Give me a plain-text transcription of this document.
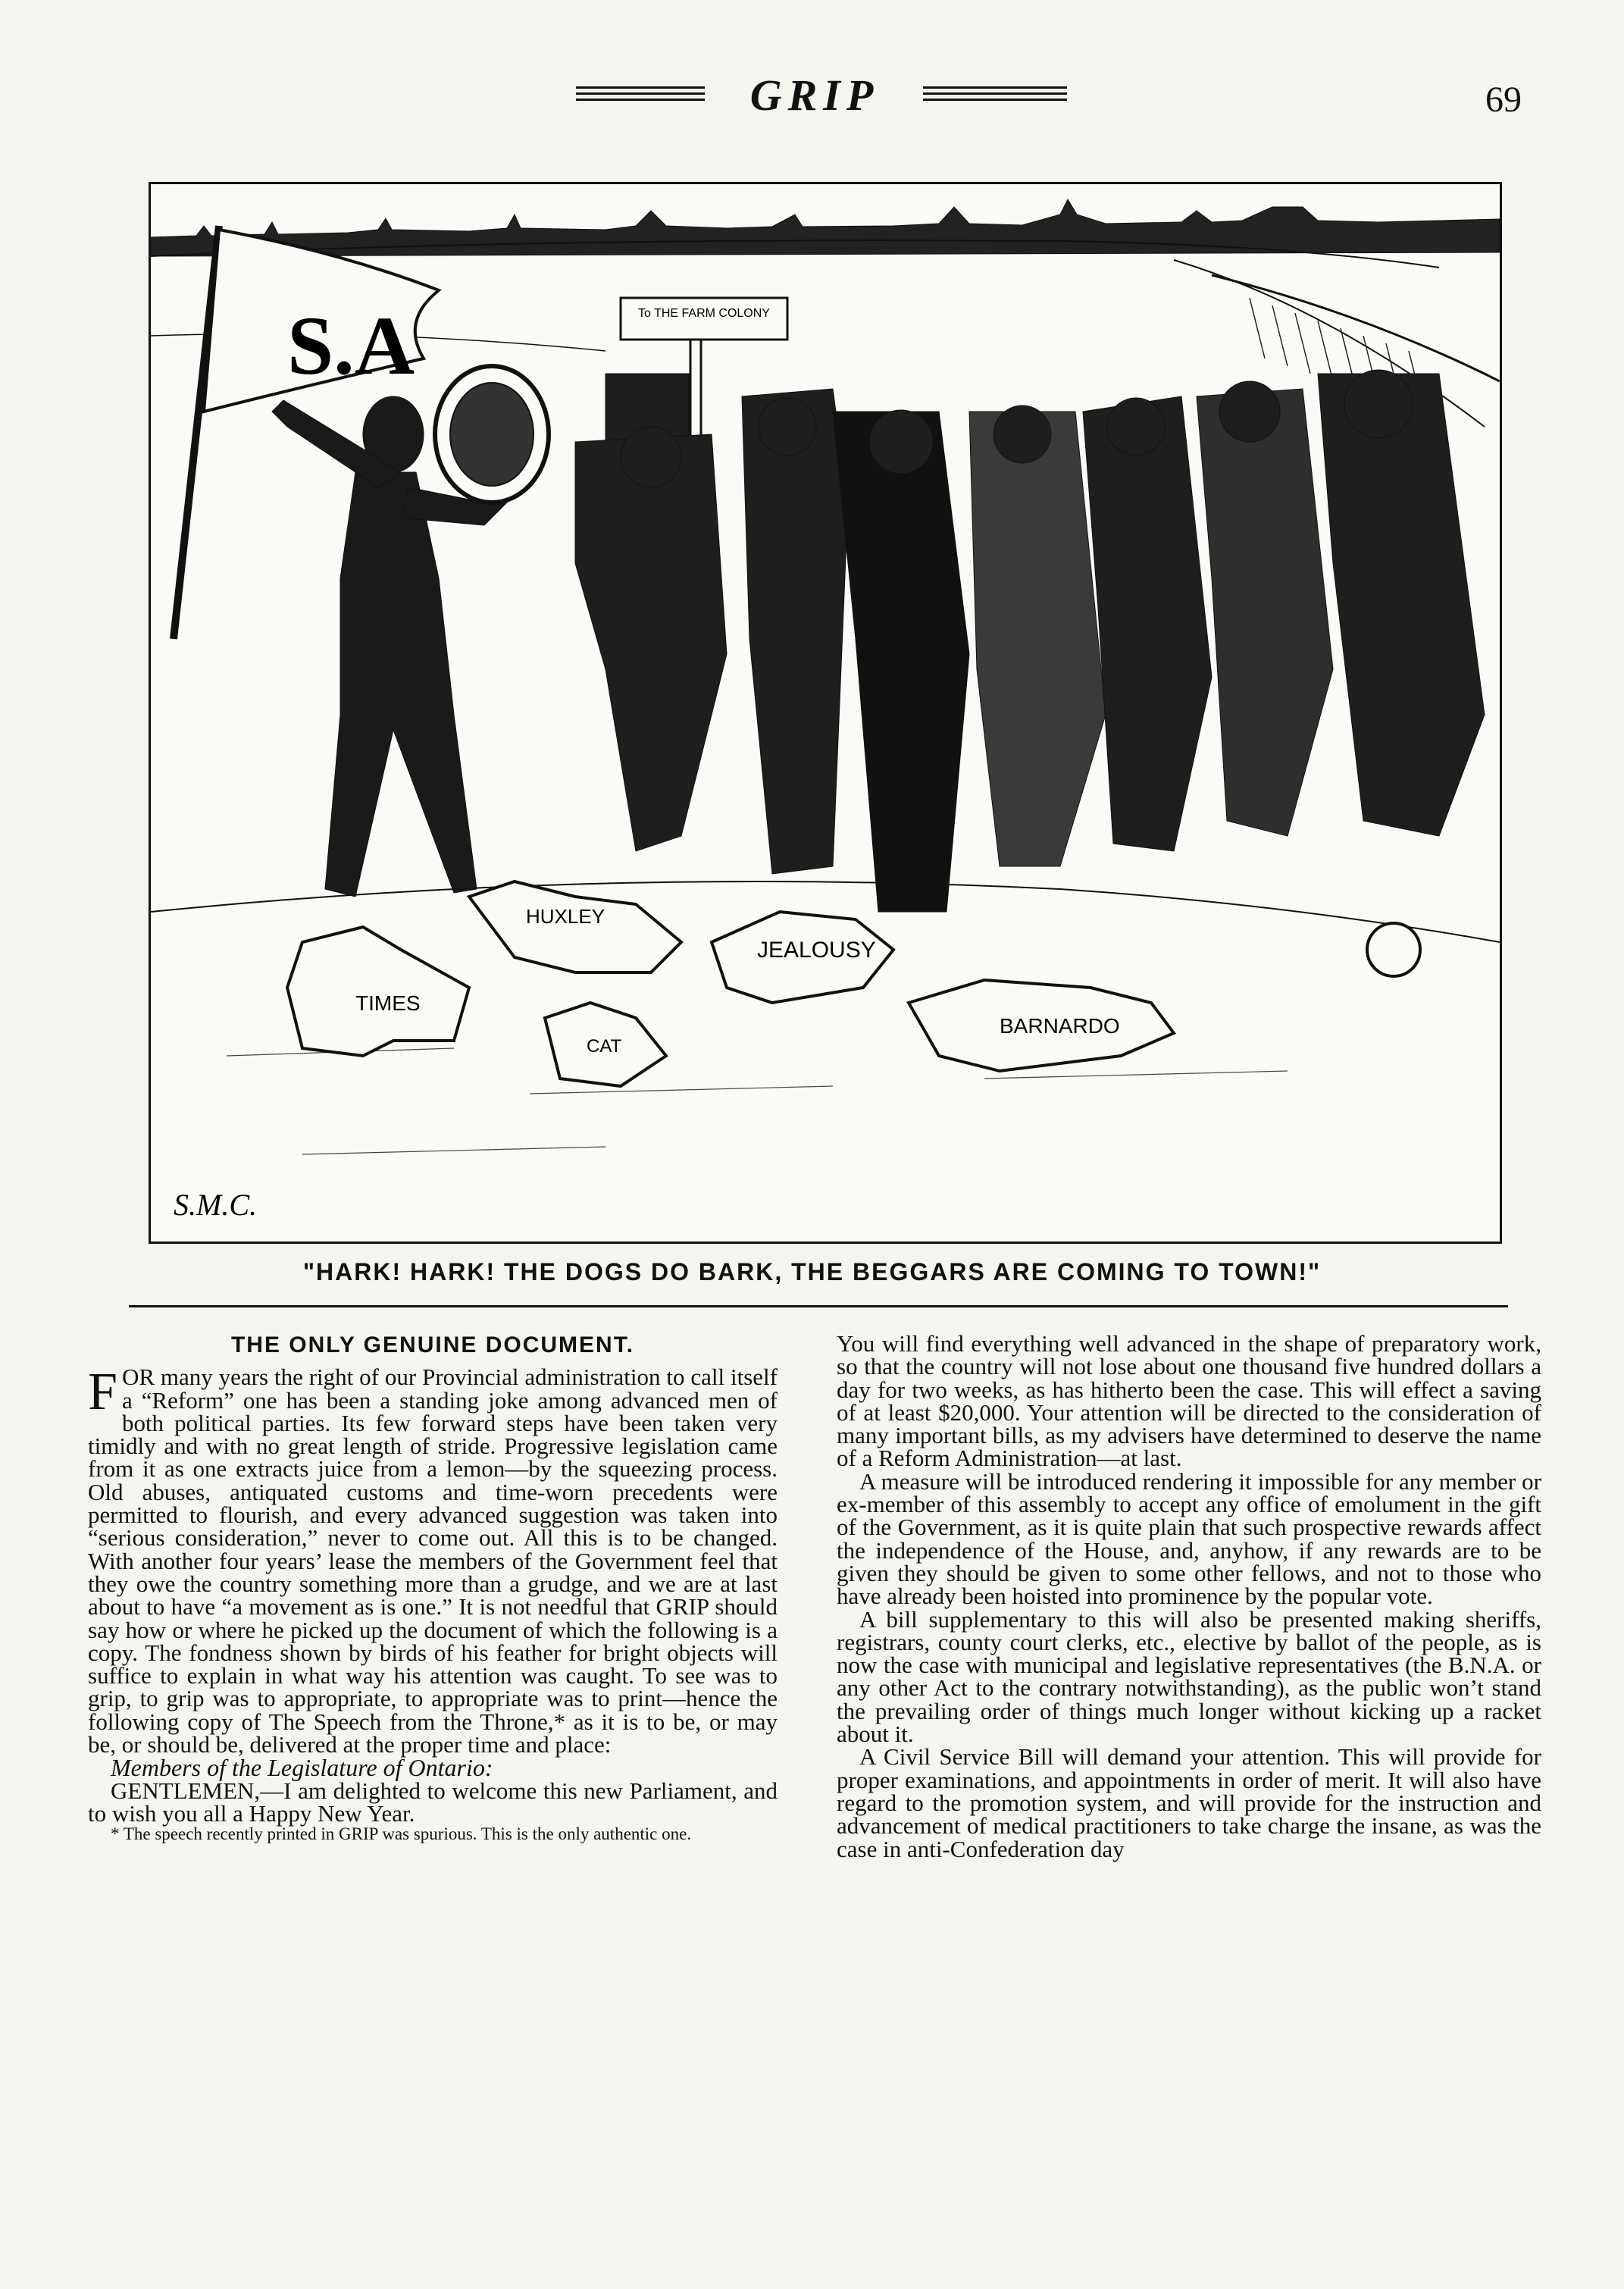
GRIP	69
To THE FARM COLONY
S.A
TIMES
HUXLEY
JEALOUSY
CAT
BARNARDO
S.M.C.
"HARK! HARK! THE DOGS DO BARK, THE BEGGARS ARE COMING TO TOWN!"
THE ONLY GENUINE DOCUMENT.

FOR many years the right of our Provincial administration to call itself a “Reform” one has been a standing joke among advanced men of both political parties. Its few forward steps have been taken very timidly and with no great length of stride. Progressive legislation came from it as one extracts juice from a lemon—by the squeezing process. Old abuses, antiquated customs and time-worn precedents were permitted to flourish, and every advanced suggestion was taken into “serious consideration,” never to come out. All this is to be changed. With another four years’ lease the members of the Government feel that they owe the country something more than a grudge, and we are at last about to have “a movement as is one.” It is not needful that GRIP should say how or where he picked up the document of which the following is a copy. The fondness shown by birds of his feather for bright objects will suffice to explain in what way his attention was caught. To see was to grip, to grip was to appropriate, to appropriate was to print—hence the following copy of The Speech from the Throne,* as it is to be, or may be, or should be, delivered at the proper time and place:

Members of the Legislature of Ontario:

GENTLEMEN,—I am delighted to welcome this new Parliament, and to wish you all a Happy New Year.

* The speech recently printed in GRIP was spurious. This is the only authentic one.

You will find everything well advanced in the shape of preparatory work, so that the country will not lose about one thousand five hundred dollars a day for two weeks, as has hitherto been the case. This will effect a saving of at least $20,000. Your attention will be directed to the consideration of many important bills, as my advisers have determined to deserve the name of a Reform Administration—at last.

A measure will be introduced rendering it impossible for any member or ex-member of this assembly to accept any office of emolument in the gift of the Government, as it is quite plain that such prospective rewards affect the independence of the House, and, anyhow, if any rewards are to be given they should be given to some other fellows, and not to those who have already been hoisted into prominence by the popular vote.

A bill supplementary to this will also be presented making sheriffs, registrars, county court clerks, etc., elective by ballot of the people, as is now the case with municipal and legislative representatives (the B.N.A. or any other Act to the contrary notwithstanding), as the public won’t stand the prevailing order of things much longer without kicking up a racket about it.

A Civil Service Bill will demand your attention. This will provide for proper examinations, and appointments in order of merit. It will also have regard to the promotion system, and will provide for the instruction and advancement of medical practitioners to take charge the insane, as was the case in anti-Confederation day
